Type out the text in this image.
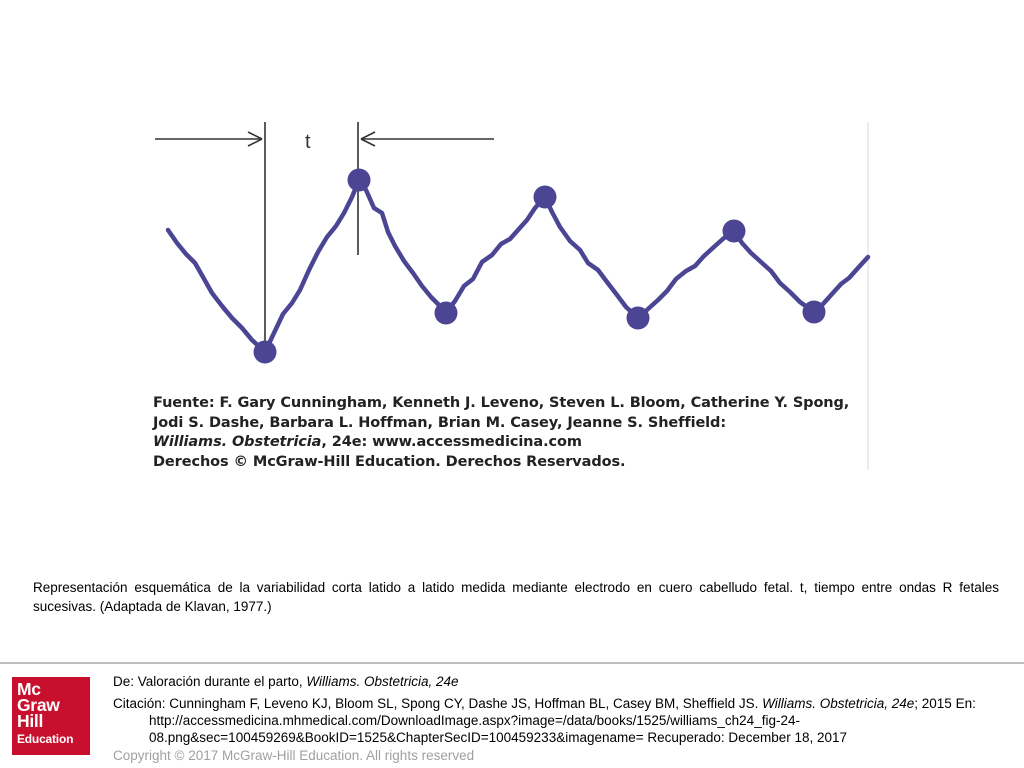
t
Fuente: F. Gary Cunningham, Kenneth J. Leveno, Steven L. Bloom, Catherine Y. Spong,
Jodi S. Dashe, Barbara L. Hoffman, Brian M. Casey, Jeanne S. Sheffield:
Williams. Obstetricia, 24e: www.accessmedicina.com
Derechos © McGraw-Hill Education. Derechos Reservados.
Representación esquemática de la variabilidad corta latido a latido medida mediante electrodo en cuero cabelludo fetal. t, tiempo entre ondas R fetales sucesivas. (Adaptada de Klavan, 1977.)
Mc
Graw
Hill
Education
De: Valoración durante el parto, Williams. Obstetricia, 24e
Citación: Cunningham F, Leveno KJ, Bloom SL, Spong CY, Dashe JS, Hoffman BL, Casey BM, Sheffield JS. Williams. Obstetricia, 24e; 2015 En: http://accessmedicina.mhmedical.com/DownloadImage.aspx?image=/data/books/1525/williams_ch24_fig-24-08.png&sec=100459269&BookID=1525&ChapterSecID=100459233&imagename= Recuperado: December 18, 2017
Copyright © 2017 McGraw-Hill Education. All rights reserved
